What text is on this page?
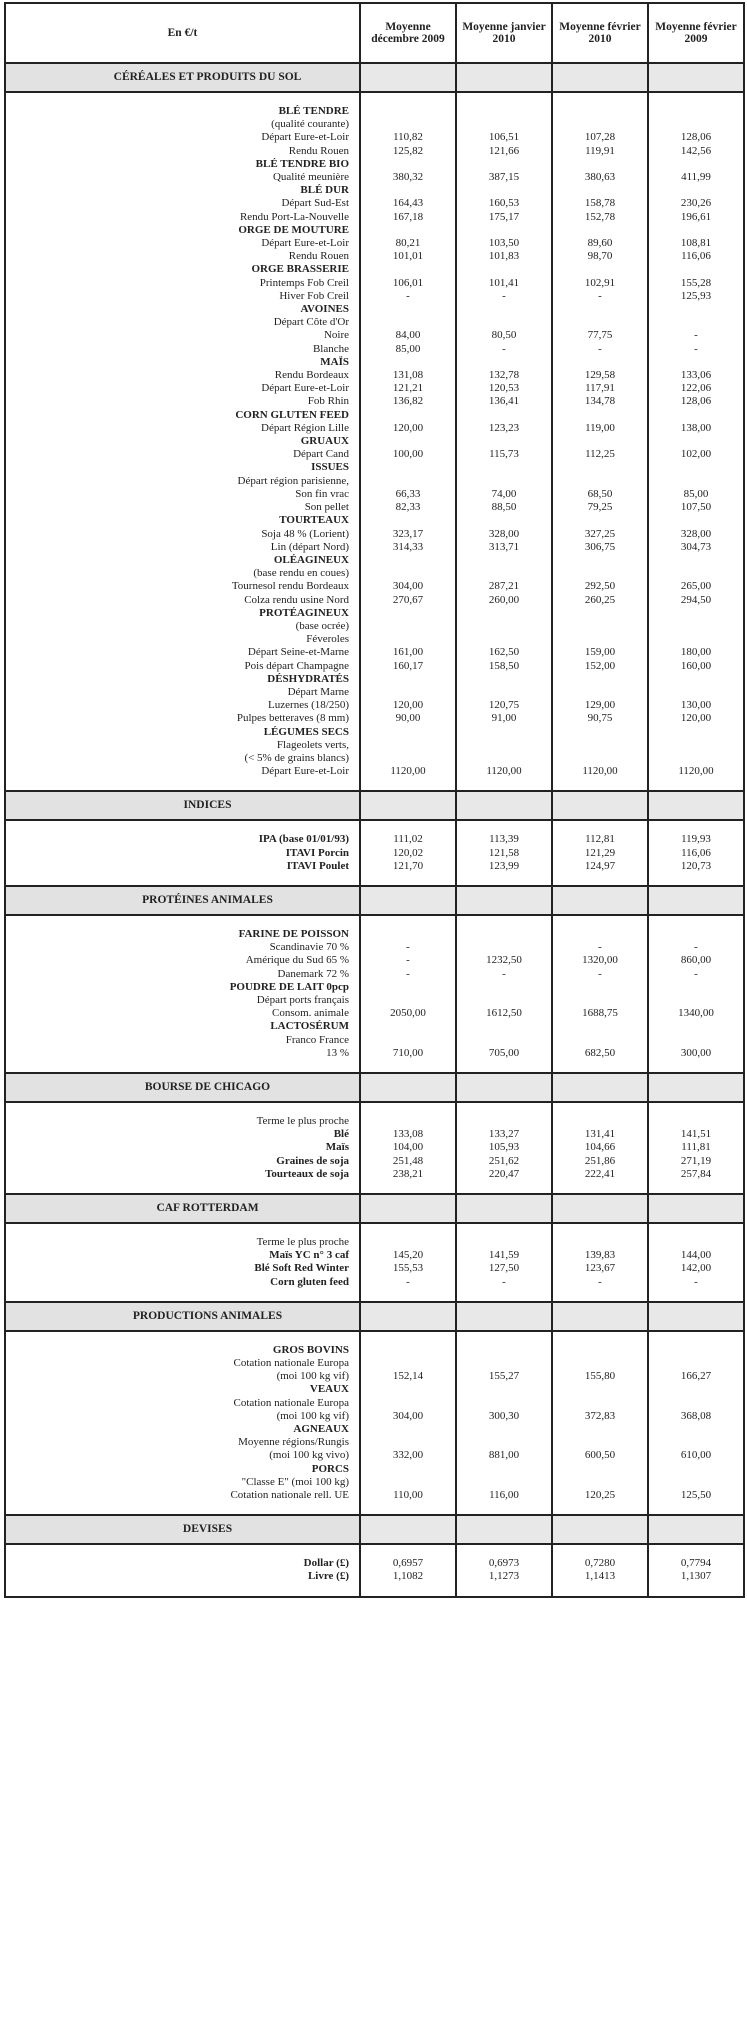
En €/t	Moyenne décembre 2009	Moyenne janvier 2010	Moyenne février 2010	Moyenne février 2009
CÉRÉALES ET PRODUITS DU SOL				

BLÉ TENDRE				
(qualité courante)				
Départ Eure-et-Loir	110,82	106,51	107,28	128,06
Rendu Rouen	125,82	121,66	119,91	142,56
BLÉ TENDRE BIO				
Qualité meunière	380,32	387,15	380,63	411,99
BLÉ DUR				
Départ Sud-Est	164,43	160,53	158,78	230,26
Rendu Port-La-Nouvelle	167,18	175,17	152,78	196,61
ORGE DE MOUTURE				
Départ Eure-et-Loir	80,21	103,50	89,60	108,81
Rendu Rouen	101,01	101,83	98,70	116,06
ORGE BRASSERIE				
Printemps Fob Creil	106,01	101,41	102,91	155,28
Hiver Fob Creil	-	-	-	125,93
AVOINES				
Départ Côte d'Or				
Noire	84,00	80,50	77,75	-
Blanche	85,00	-	-	-
MAÏS				
Rendu Bordeaux	131,08	132,78	129,58	133,06
Départ Eure-et-Loir	121,21	120,53	117,91	122,06
Fob Rhin	136,82	136,41	134,78	128,06
CORN GLUTEN FEED				
Départ Région Lille	120,00	123,23	119,00	138,00
GRUAUX				
Départ Cand	100,00	115,73	112,25	102,00
ISSUES				
Départ région parisienne,				
Son fin vrac	66,33	74,00	68,50	85,00
Son pellet	82,33	88,50	79,25	107,50
TOURTEAUX				
Soja 48 % (Lorient)	323,17	328,00	327,25	328,00
Lin (départ Nord)	314,33	313,71	306,75	304,73
OLÉAGINEUX				
(base rendu en coues)				
Tournesol rendu Bordeaux	304,00	287,21	292,50	265,00
Colza rendu usine Nord	270,67	260,00	260,25	294,50
PROTÉAGINEUX				
(base ocrée)				
Féveroles				
Départ Seine-et-Marne	161,00	162,50	159,00	180,00
Pois départ Champagne	160,17	158,50	152,00	160,00
DÉSHYDRATÉS				
Départ Marne				
Luzernes (18/250)	120,00	120,75	129,00	130,00
Pulpes betteraves (8 mm)	90,00	91,00	90,75	120,00
LÉGUMES SECS				
Flageolets verts,				
(< 5% de grains blancs)				
Départ Eure-et-Loir	1120,00	1120,00	1120,00	1120,00

INDICES				

IPA (base 01/01/93)	111,02	113,39	112,81	119,93
ITAVI Porcin	120,02	121,58	121,29	116,06
ITAVI Poulet	121,70	123,99	124,97	120,73

PROTÉINES ANIMALES				

FARINE DE POISSON				
Scandinavie 70 %	-		-	-
Amérique du Sud 65 %	-	1232,50	1320,00	860,00
Danemark 72 %	-	-	-	-
POUDRE DE LAIT 0pcp				
Départ ports français				
Consom. animale	2050,00	1612,50	1688,75	1340,00
LACTOSÉRUM				
Franco France				
13 %	710,00	705,00	682,50	300,00

BOURSE DE CHICAGO				

Terme le plus proche				
Blé	133,08	133,27	131,41	141,51
Maïs	104,00	105,93	104,66	111,81
Graines de soja	251,48	251,62	251,86	271,19
Tourteaux de soja	238,21	220,47	222,41	257,84

CAF ROTTERDAM				

Terme le plus proche				
Maïs YC n° 3 caf	145,20	141,59	139,83	144,00
Blé Soft Red Winter	155,53	127,50	123,67	142,00
Corn gluten feed	-	-	-	-

PRODUCTIONS ANIMALES				

GROS BOVINS				
Cotation nationale Europa				
(moi 100 kg vif)	152,14	155,27	155,80	166,27
VEAUX				
Cotation nationale Europa				
(moi 100 kg vif)	304,00	300,30	372,83	368,08
AGNEAUX				
Moyenne régions/Rungis				
(moi 100 kg vivo)	332,00	881,00	600,50	610,00
PORCS				
"Classe E" (moi 100 kg)				
Cotation nationale rell. UE	110,00	116,00	120,25	125,50

DEVISES				

Dollar (£)	0,6957	0,6973	0,7280	0,7794
Livre (£)	1,1082	1,1273	1,1413	1,1307
